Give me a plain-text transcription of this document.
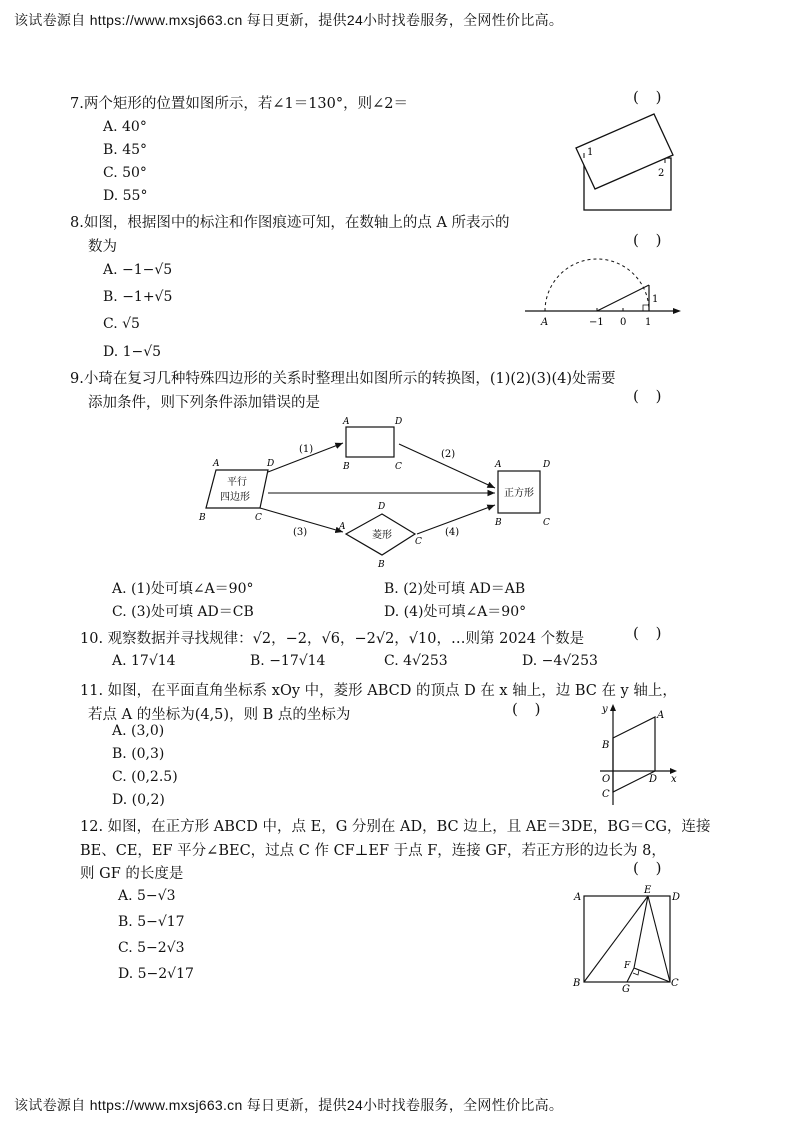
该试卷源自 https://www.mxsj663.cn 每日更新，提供24小时找卷服务，全网性价比高。
该试卷源自 https://www.mxsj663.cn 每日更新，提供24小时找卷服务，全网性价比高。
7.两个矩形的位置如图所示，若∠1＝130°，则∠2＝	( )
A. 40°
B. 45°
C. 50°
D. 55°
1
2
8.如图，根据图中的标注和作图痕迹可知，在数轴上的点 A 所表示的
数为	( )
A. −1−√5
B. −1+√5
C. √5
D. 1−√5
A	−1 0 1
1
9.小琦在复习几种特殊四边形的关系时整理出如图所示的转换图，(1)(2)(3)(4)处需要
添加条件，则下列条件添加错误的是	( )
平行
四边形
A	D
B	C
A	D
B	C
正方形
A	D
B	C
菱形
D
A
C
B
(1)	(2)
(3)	(4)
A. (1)处可填∠A＝90°	B. (2)处可填 AD＝AB
C. (3)处可填 AD＝CB	D. (4)处可填∠A＝90°
10. 观察数据并寻找规律：√2，−2，√6，−2√2，√10，…则第 2024 个数是	( )
A. 17√14	B. −17√14	C. 4√253	D. −4√253
11. 如图，在平面直角坐标系 xOy 中，菱形 ABCD 的顶点 D 在 x 轴上，边 BC 在 y 轴上，
若点 A 的坐标为(4,5)，则 B 点的坐标为	( )
A. (3,0)
B. (0,3)
C. (0,2.5)
D. (0,2)
y
x
O
A
B
C
D
12. 如图，在正方形 ABCD 中，点 E，G 分别在 AD，BC 边上，且 AE＝3DE，BG＝CG，连接
BE、CE，EF 平分∠BEC，过点 C 作 CF⊥EF 于点 F，连接 GF，若正方形的边长为 8，
则 GF 的长度是	( )
A. 5−√3
B. 5−√17
C. 5−2√3
D. 5−2√17
A
E
D
B	C
F
G
